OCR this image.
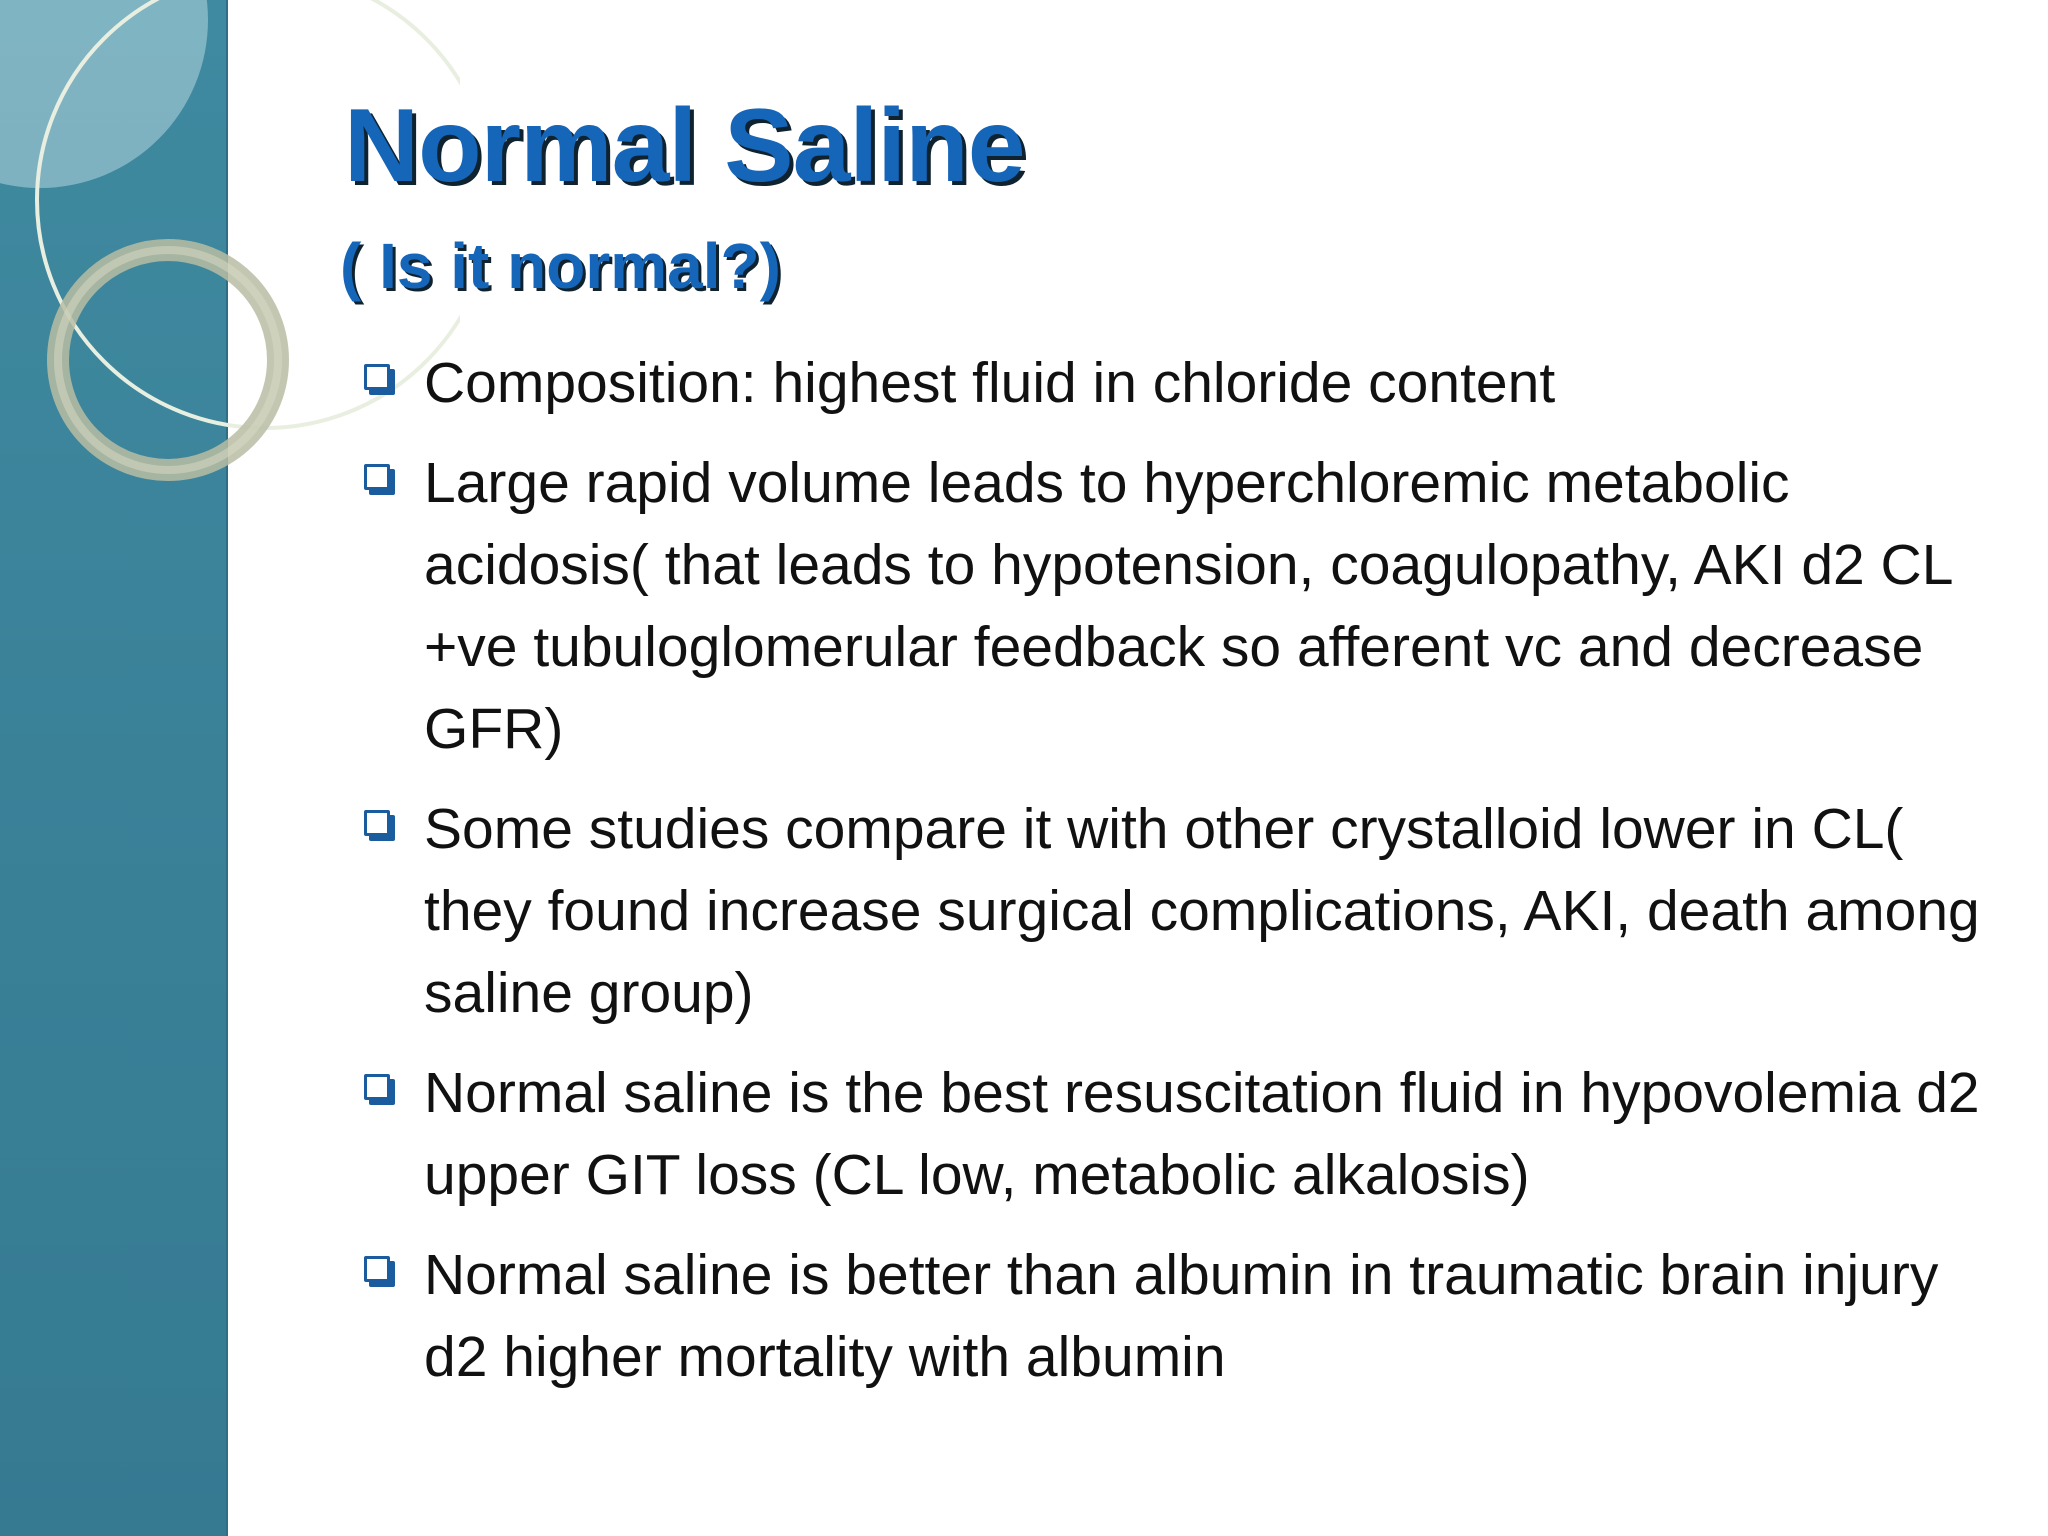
Normal Saline
( Is it normal?)
Composition: highest fluid in chloride content
Large rapid volume leads to hyperchloremic metabolic acidosis( that leads to hypotension, coagulopathy, AKI d2 CL +ve tubuloglomerular feedback so afferent vc and decrease GFR)
Some studies compare it with other crystalloid lower in CL( they found increase surgical complications, AKI, death among saline group)
Normal saline is the best resuscitation fluid in hypovolemia d2 upper GIT loss (CL low, metabolic alkalosis)
Normal saline is better than albumin in traumatic brain injury d2 higher mortality with albumin
